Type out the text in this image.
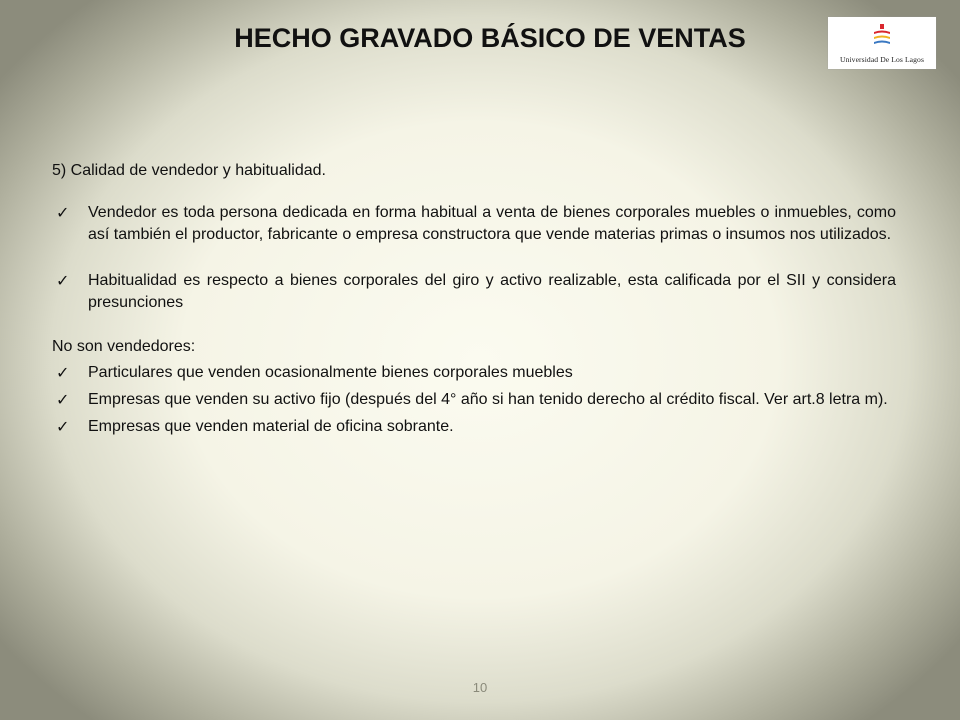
HECHO GRAVADO BÁSICO DE VENTAS
Universidad De Los Lagos

5) Calidad de vendedor y habitualidad.

✓ Vendedor es toda persona dedicada en forma habitual a venta de bienes corporales muebles o inmuebles, como así también el productor, fabricante o empresa constructora que vende materias primas o insumos nos utilizados.
✓ Habitualidad es respecto a bienes corporales del giro y activo realizable, esta calificada por el SII y considera presunciones

No son vendedores:

✓ Particulares que venden ocasionalmente bienes corporales muebles
✓ Empresas que venden su activo fijo (después del 4° año si han tenido derecho al crédito fiscal. Ver art.8 letra m).
✓ Empresas que venden material de oficina sobrante.
10
